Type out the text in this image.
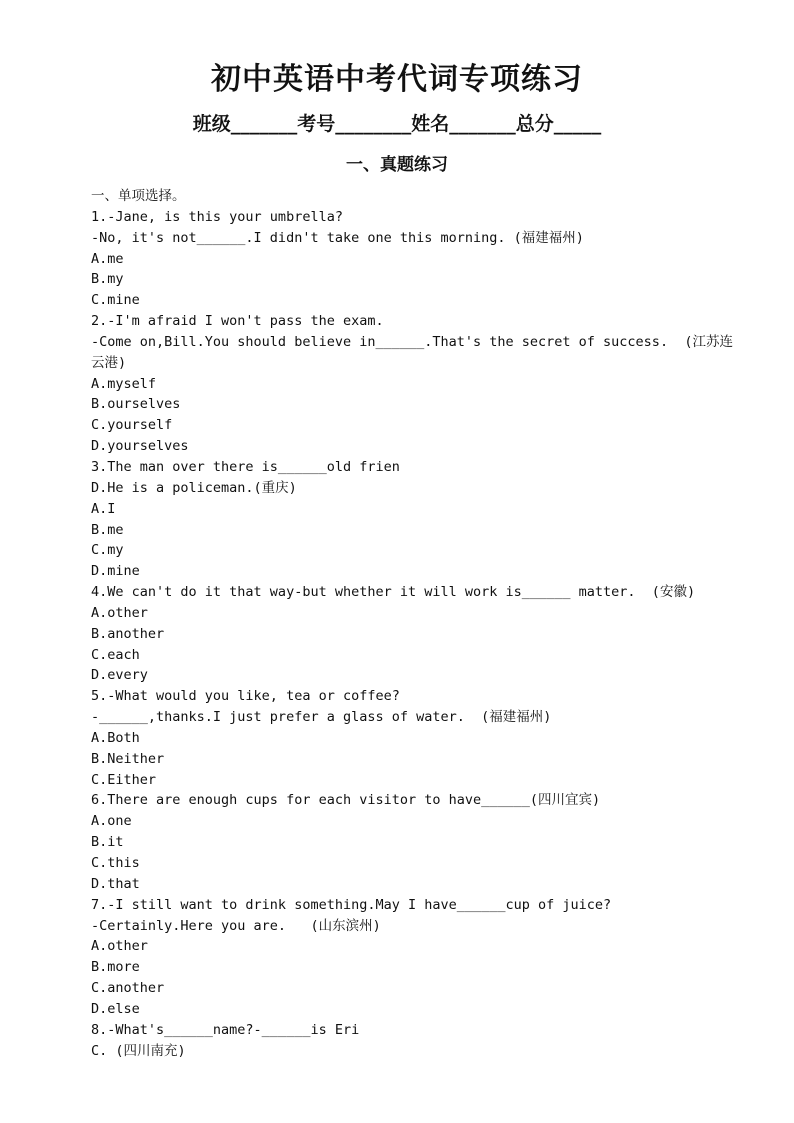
初中英语中考代词专项练习
班级_______考号________姓名_______总分_____
一、真题练习
一、单项选择。
1.-Jane, is this your umbrella?
-No, it's not______.I didn't take one this morning. (福建福州)
A.me
B.my
C.mine
2.-I'm afraid I won't pass the exam.
-Come on,Bill.You should believe in______.That's the secret of success.  (江苏连云港)
A.myself
B.ourselves
C.yourself
D.yourselves
3.The man over there is______old frien
D.He is a policeman.(重庆)
A.I
B.me
C.my
D.mine
4.We can't do it that way-but whether it will work is______ matter.  (安徽)
A.other
B.another
C.each
D.every
5.-What would you like, tea or coffee?
-______,thanks.I just prefer a glass of water.  (福建福州)
A.Both
B.Neither
C.Either
6.There are enough cups for each visitor to have______(四川宜宾)
A.one
B.it
C.this
D.that
7.-I still want to drink something.May I have______cup of juice?
-Certainly.Here you are.   (山东滨州)
A.other
B.more
C.another
D.else
8.-What's______name?-______is Eri
C. (四川南充)
